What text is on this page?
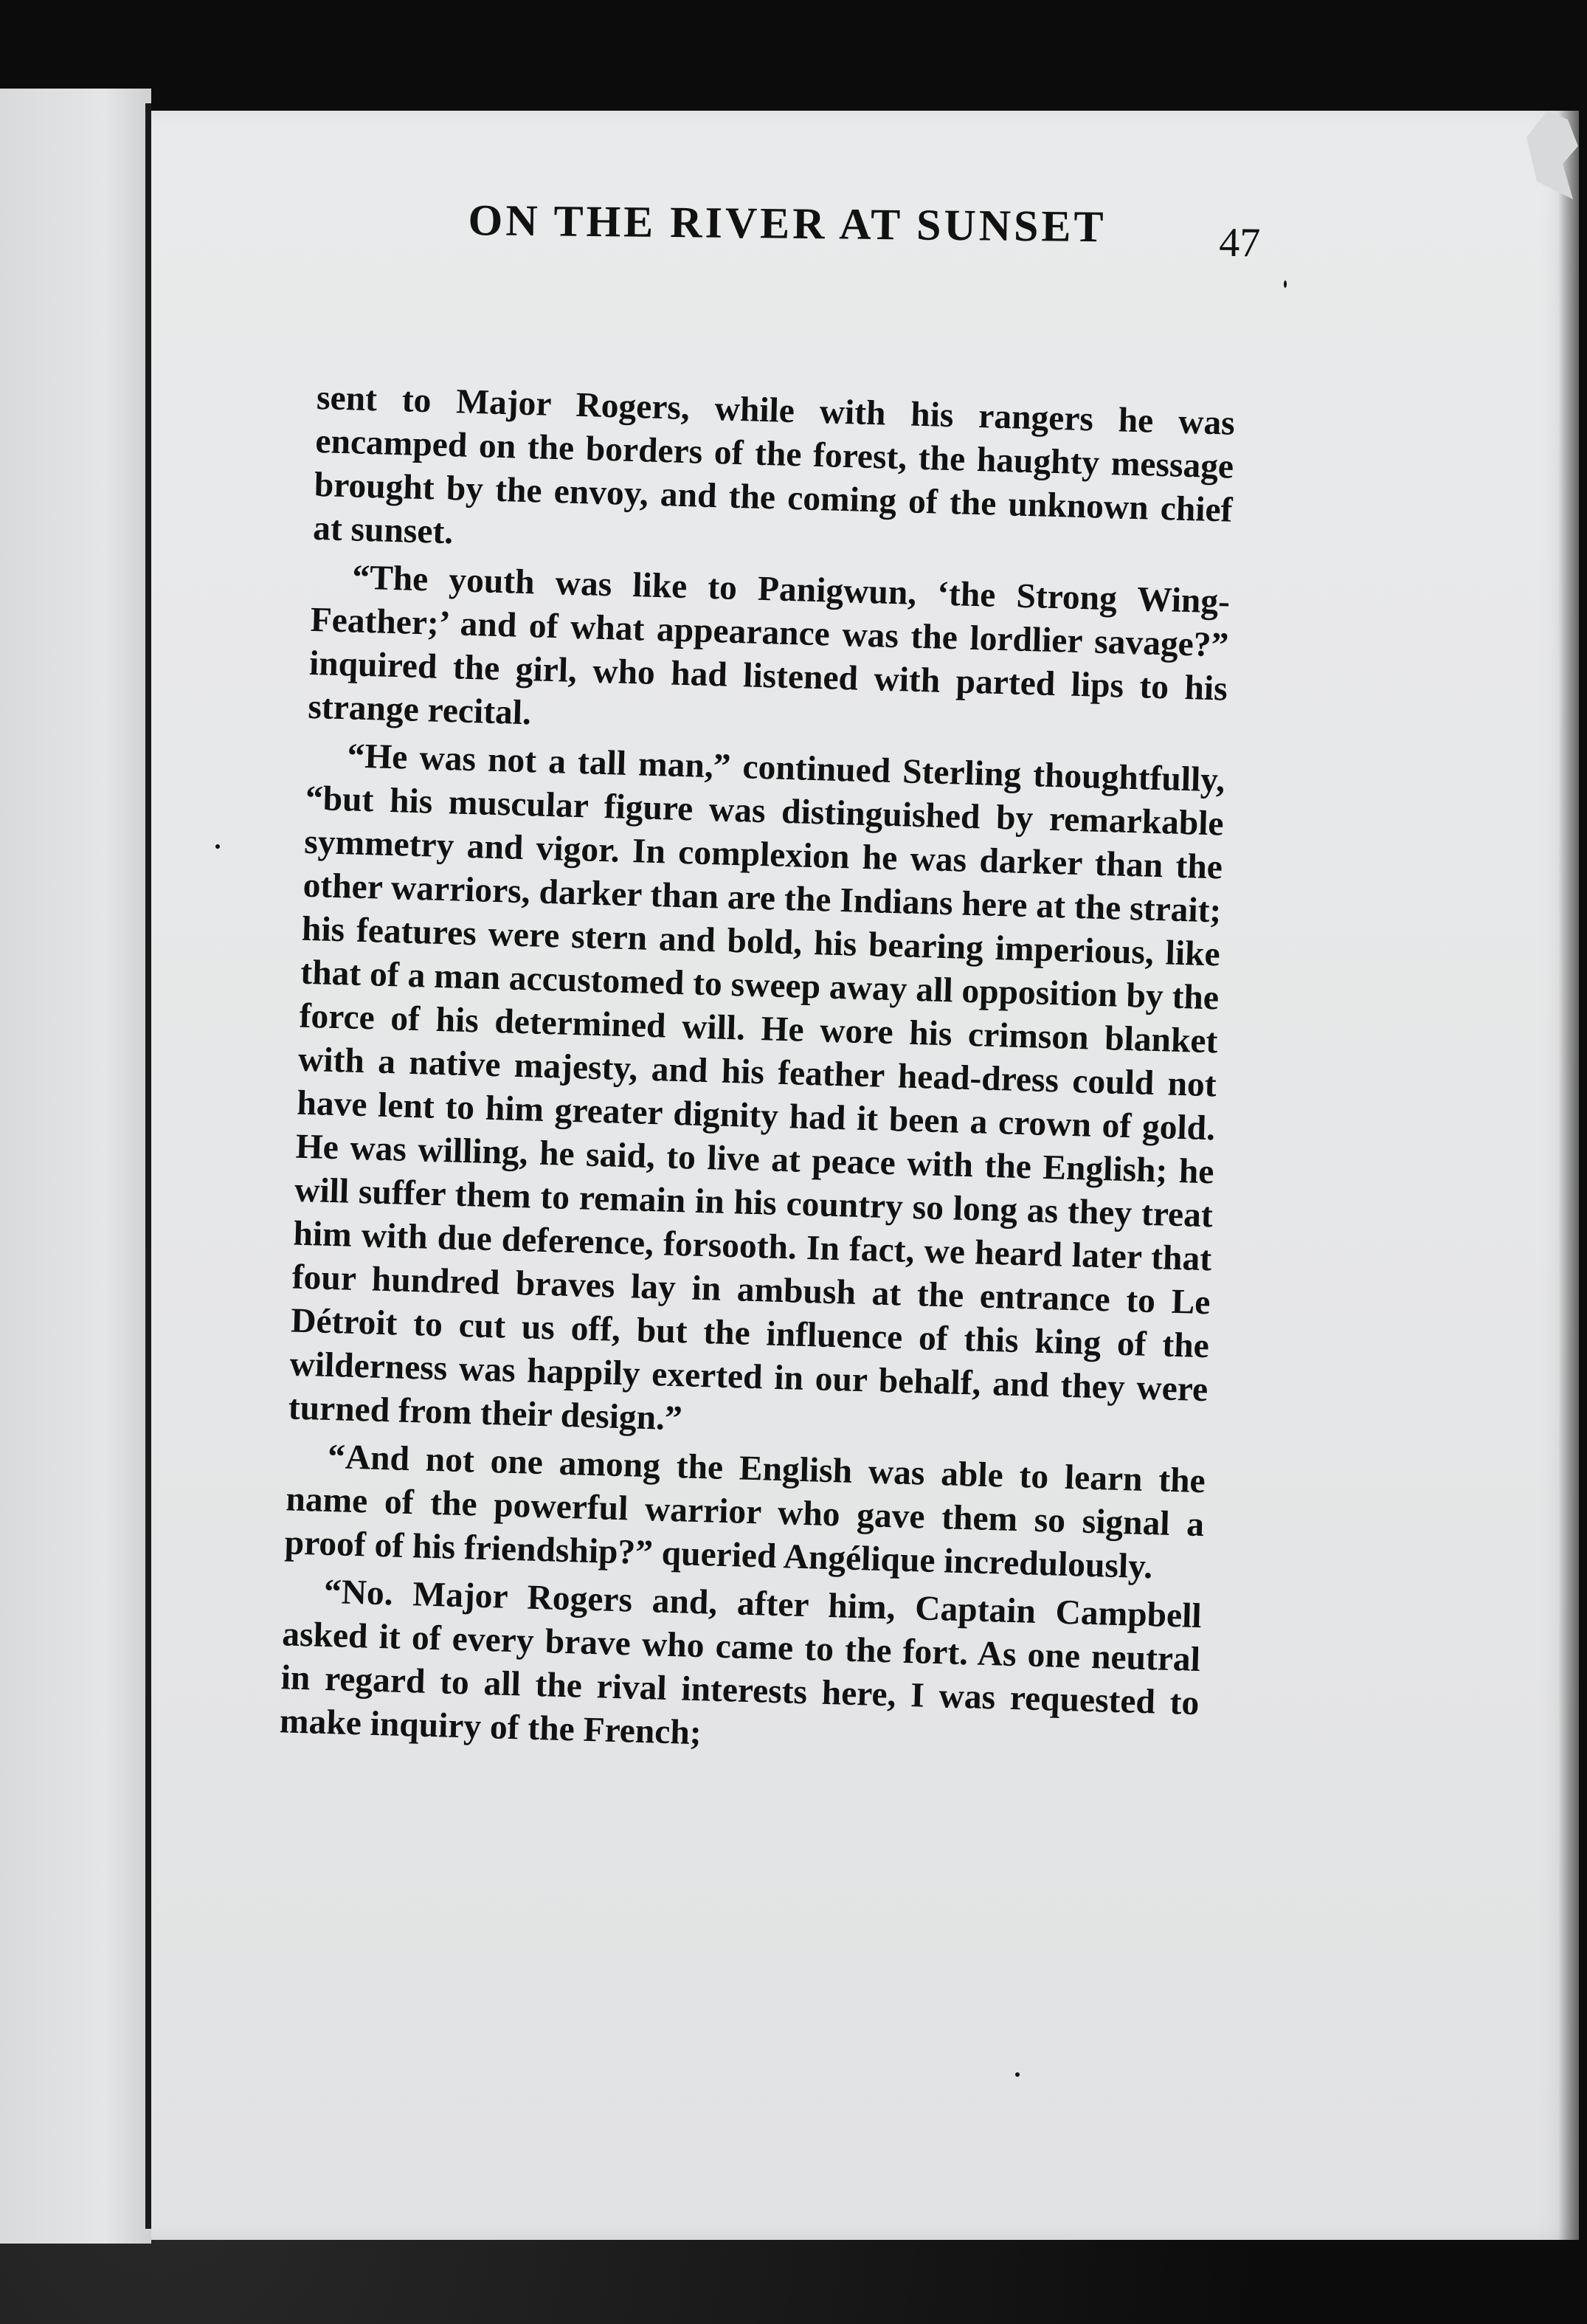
ON THE RIVER AT SUNSET	47

sent to Major Rogers, while with his rangers he was encamped on the borders of the forest, the haughty message brought by the envoy, and the coming of the unknown chief at sunset.

“The youth was like to Panigwun, ‘the Strong Wing-Feather;’ and of what appearance was the lordlier savage?” inquired the girl, who had listened with parted lips to his strange recital.

“He was not a tall man,” continued Sterling thoughtfully, “but his muscular figure was distinguished by remarkable symmetry and vigor. In complexion he was darker than the other warriors, darker than are the Indians here at the strait; his features were stern and bold, his bearing imperious, like that of a man accustomed to sweep away all opposition by the force of his determined will. He wore his crimson blanket with a native majesty, and his feather head-dress could not have lent to him greater dignity had it been a crown of gold. He was willing, he said, to live at peace with the English; he will suffer them to remain in his country so long as they treat him with due deference, forsooth. In fact, we heard later that four hundred braves lay in ambush at the entrance to Le Détroit to cut us off, but the influence of this king of the wilderness was happily exerted in our behalf, and they were turned from their design.”

“And not one among the English was able to learn the name of the powerful warrior who gave them so signal a proof of his friendship?” queried Angélique incredulously.

“No. Major Rogers and, after him, Captain Campbell asked it of every brave who came to the fort. As one neutral in regard to all the rival interests here, I was requested to make inquiry of the French;
